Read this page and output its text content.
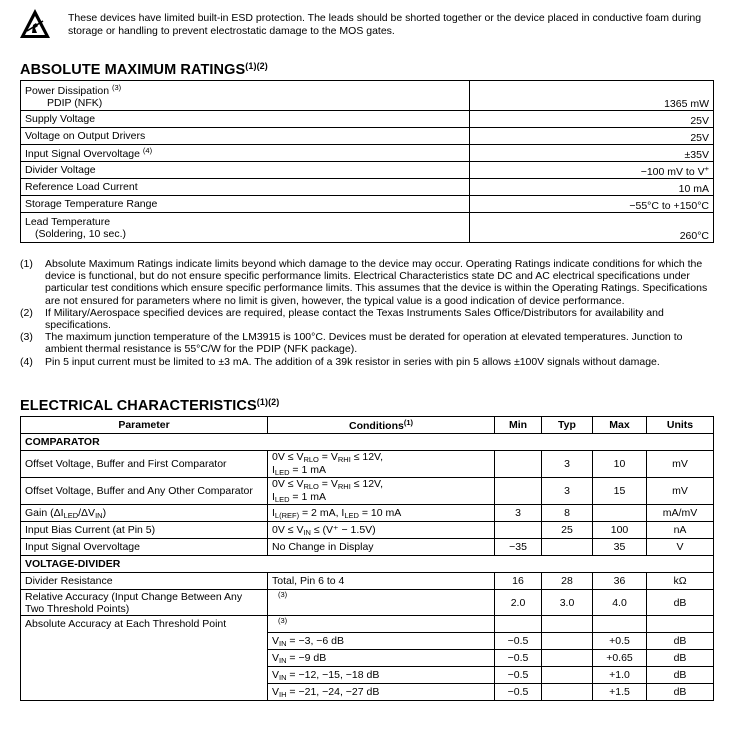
These devices have limited built-in ESD protection. The leads should be shorted together or the device placed in conductive foam during storage or handling to prevent electrostatic damage to the MOS gates.
ABSOLUTE MAXIMUM $RATINGS^{(1)(2)}$
Power Dissipation $^{(3)}$
PDIP (NFK)	1365 mW
Supply Voltage	25V
Voltage on Output Drivers	25V
Input Signal Overvoltage $^{(4)}$	±35V
Divider Voltage	−100 mV to V+
Reference Load Current	10 mA
Storage Temperature Range	−55°C to +150°C
Lead Temperature
(Soldering, 10 sec.)	260°C
(1)	Absolute Maximum Ratings indicate limits beyond which damage to the device may occur. Operating Ratings indicate conditions for which the device is functional, but do not ensure specific performance limits. Electrical Characteristics state DC and AC electrical specifications under particular test conditions which ensure specific performance limits. This assumes that the device is within the Operating Ratings. Specifications are not ensured for parameters where no limit is given, however, the typical value is a good indication of device performance.
(2)	If Military/Aerospace specified devices are required, please contact the Texas Instruments Sales Office/Distributors for availability and specifications.
(3)	The maximum junction temperature of the LM3915 is 100°C. Devices must be derated for operation at elevated temperatures. Junction to ambient thermal resistance is 55°C/W for the PDIP (NFK package).
(4)	Pin 5 input current must be limited to ±3 mA. The addition of a 39k resistor in series with pin 5 allows ±100V signals without damage.
ELECTRICAL $CHARACTERISTICS^{(1)(2)}$
Parameter	Conditions$^{(1)}$	Min	Typ	Max	Units
COMPARATOR					
Offset Voltage, Buffer and First Comparator	$0V \le V_{RLO} = V_{RHI} \le 12V$,
$I_{LED} = 1$ mA		3	10	mV
Offset Voltage, Buffer and Any Other Comparator	$0V \le V_{RLO} = V_{RHI} \le 12V$,
$I_{LED} = 1$ mA		3	15	mV
Gain $(\Delta I_{LED}/\Delta V_{IN})$	$I_{L(REF)} = 2$ mA, $I_{LED} = 10$ mA	3	8		mA/mV
Input Bias Current (at Pin 5)	$0V \le V_{IN} \le (V^+ - 1.5V)$		25	100	nA
Input Signal Overvoltage	No Change in Display	−35		35	V
VOLTAGE-DIVIDER					
Divider Resistance	Total, Pin 6 to 4	16	28	36	kΩ
Relative Accuracy (Input Change Between Any Two Threshold Points)	$^{(3)}$	2.0	3.0	4.0	dB
Absolute Accuracy at Each Threshold Point	$^{(3)}$				
	$V_{IN} = -3$, −6 dB	−0.5		+0.5	dB
	$V_{IN} = -9$ dB	−0.5		+0.65	dB
	$V_{IN} = -12$, −15, −18 dB	−0.5		+1.0	dB
	$V_{IH} = -21$, −24, −27 dB	−0.5		+1.5	dB
